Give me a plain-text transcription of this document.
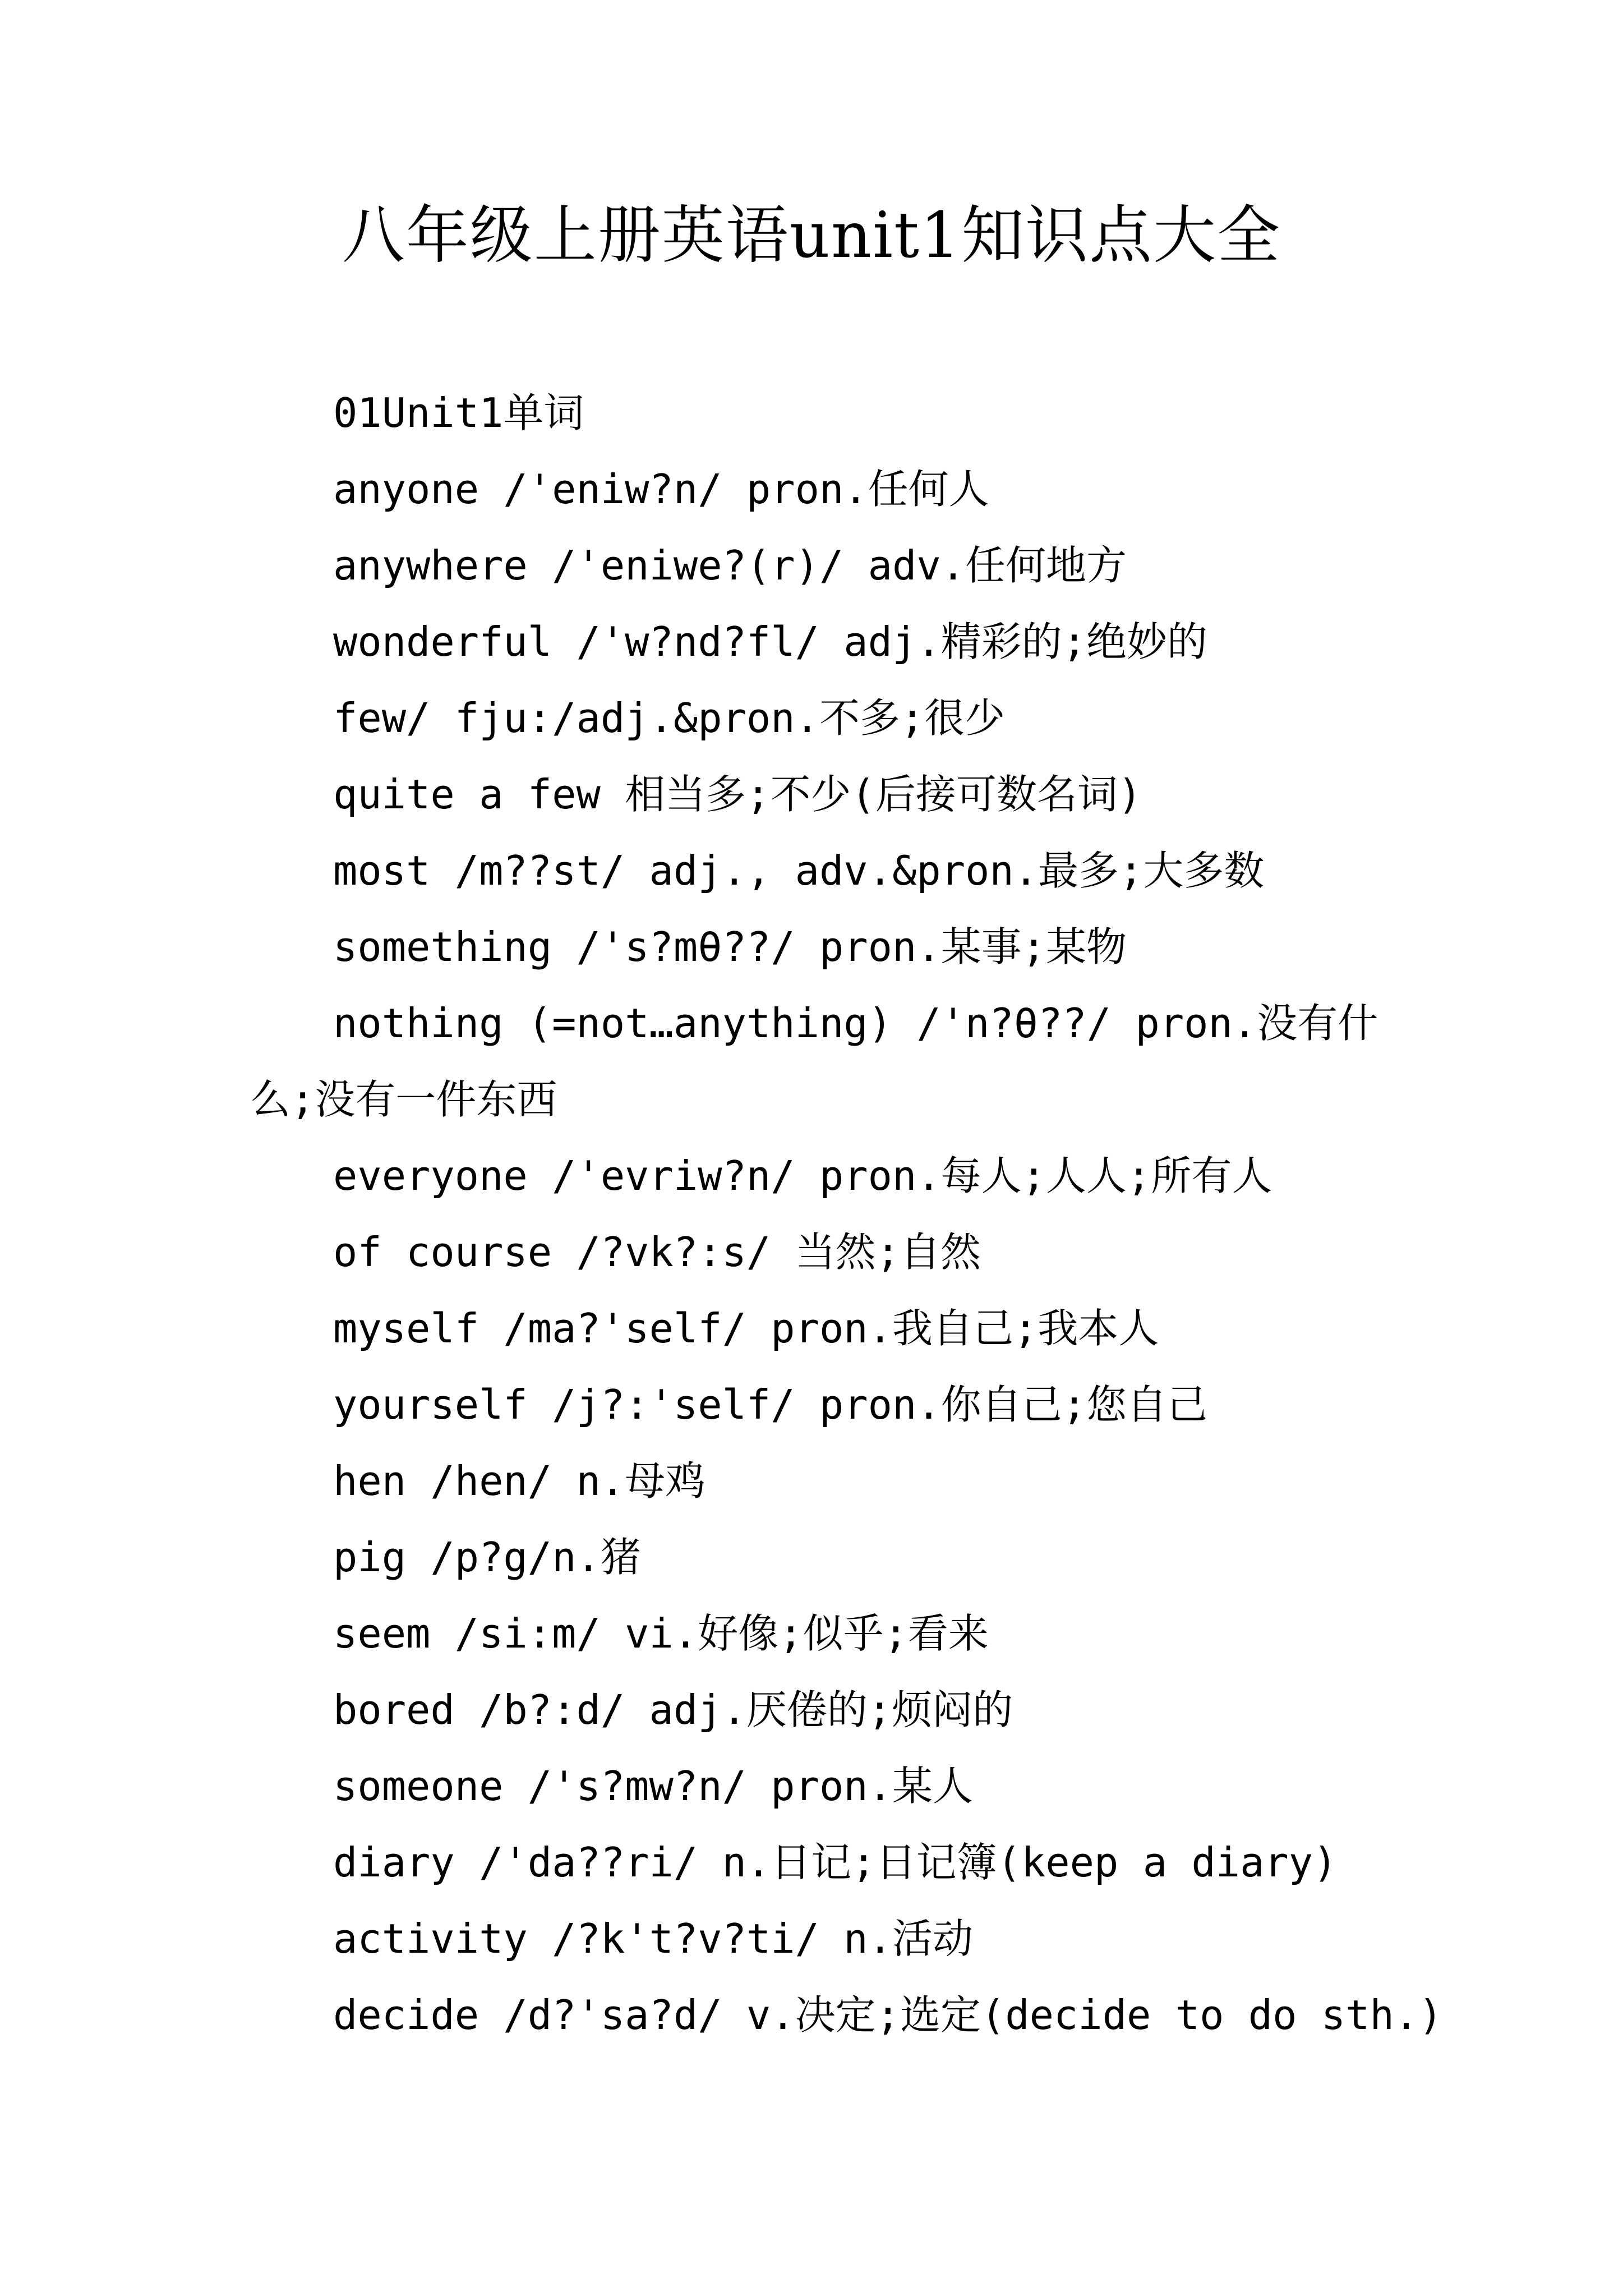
八年级上册英语unit1知识点大全
01Unit1单词
anyone /'eniw?n/ pron.任何人
anywhere /'eniwe?(r)/ adv.任何地方
wonderful /'w?nd?fl/ adj.精彩的;绝妙的
few/ fju:/adj.&pron.不多;很少
quite a few 相当多;不少(后接可数名词)
most /m??st/ adj., adv.&pron.最多;大多数
something /'s?mθ??/ pron.某事;某物
nothing (=not…anything) /'n?θ??/ pron.没有什么;没有一件东西
everyone /'evriw?n/ pron.每人;人人;所有人
of course /?vk?:s/ 当然;自然
myself /ma?'self/ pron.我自己;我本人
yourself /j?:'self/ pron.你自己;您自己
hen /hen/ n.母鸡
pig /p?g/n.猪
seem /si:m/ vi.好像;似乎;看来
bored /b?:d/ adj.厌倦的;烦闷的
someone /'s?mw?n/ pron.某人
diary /'da??ri/ n.日记;日记簿(keep a diary)
activity /?k't?v?ti/ n.活动
decide /d?'sa?d/ v.决定;选定(decide to do sth.)
